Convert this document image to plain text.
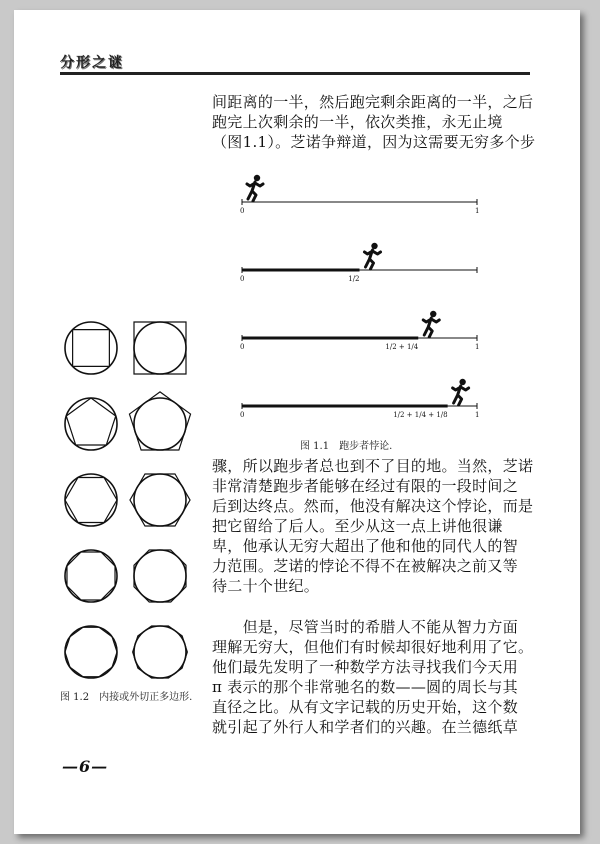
分形之谜

间距离的一半，然后跑完剩余距离的一半，之后

跑完上次剩余的一半，依次类推，永无止境

（图1.1）。芝诺争辩道，因为这需要无穷多个步

0	1
0	1/2
0	1/2 + 1/4	1
0	1/2 + 1/4 + 1/8	1
图 1.1　跑步者悖论.

骤，所以跑步者总也到不了目的地。当然，芝诺

非常清楚跑步者能够在经过有限的一段时间之

后到达终点。然而，他没有解决这个悖论，而是

把它留给了后人。至少从这一点上讲他很谦

卑，他承认无穷大超出了他和他的同代人的智

力范围。芝诺的悖论不得不在被解决之前又等

待二十个世纪。

　　但是，尽管当时的希腊人不能从智力方面

理解无穷大，但他们有时候却很好地利用了它。

他们最先发明了一种数学方法寻找我们今天用

π 表示的那个非常驰名的数——圆的周长与其

直径之比。从有文字记载的历史开始，这个数

就引起了外行人和学者们的兴趣。在兰德纸草

图 1.2　内接或外切正多边形.
—6—
